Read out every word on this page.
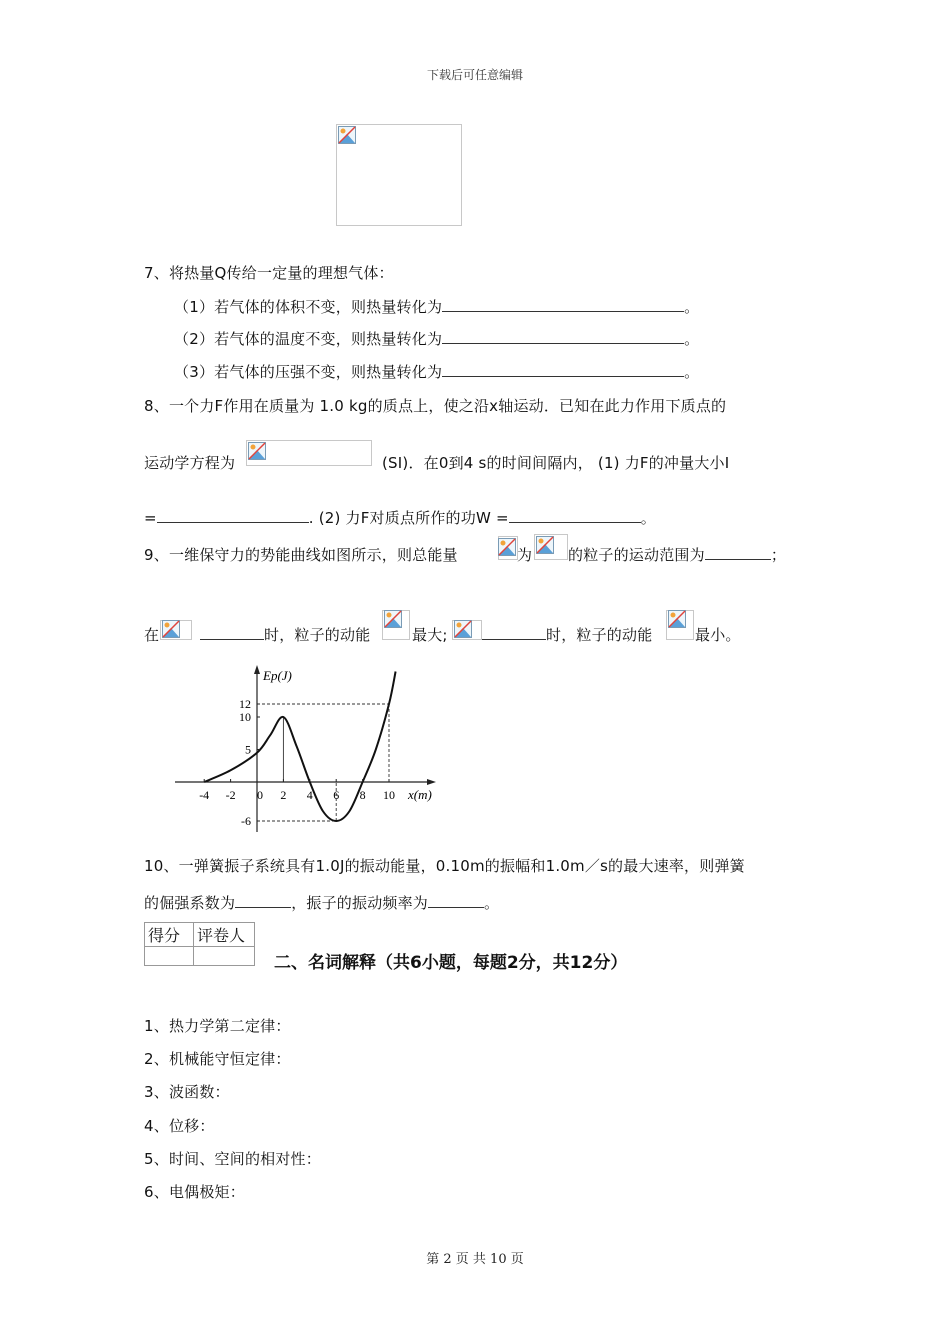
下载后可任意编辑
7、将热量Q传给一定量的理想气体：
（1）若气体的体积不变，则热量转化为	。
（2）若气体的温度不变，则热量转化为	。
（3）若气体的压强不变，则热量转化为	。
8、一个力F作用在质量为 1.0 kg的质点上，使之沿x轴运动．已知在此力作用下质点的
运动学方程为	(SI)．在0到4 s的时间间隔内， (1) 力F的冲量大小I
=	. (2) 力F对质点所作的功W =	。
9、一维保守力的势能曲线如图所示，则总能量	为 的粒子的运动范围为	；
在	时，粒子的动能	最大;	时，粒子的动能	最小。
-4 -2 0 2 4 6 8 10
12
10
5
-6
Ep(J)
x(m)
10、一弹簧振子系统具有1.0J的振动能量，0.10m的振幅和1.0m／s的最大速率，则弹簧
的倔强系数为	，振子的振动频率为	。
得分	评卷人

二、名词解释（共6小题，每题2分，共12分）
1、热力学第二定律：
2、机械能守恒定律：
3、波函数：
4、位移：
5、时间、空间的相对性：
6、电偶极矩：
第 2 页 共 10 页
